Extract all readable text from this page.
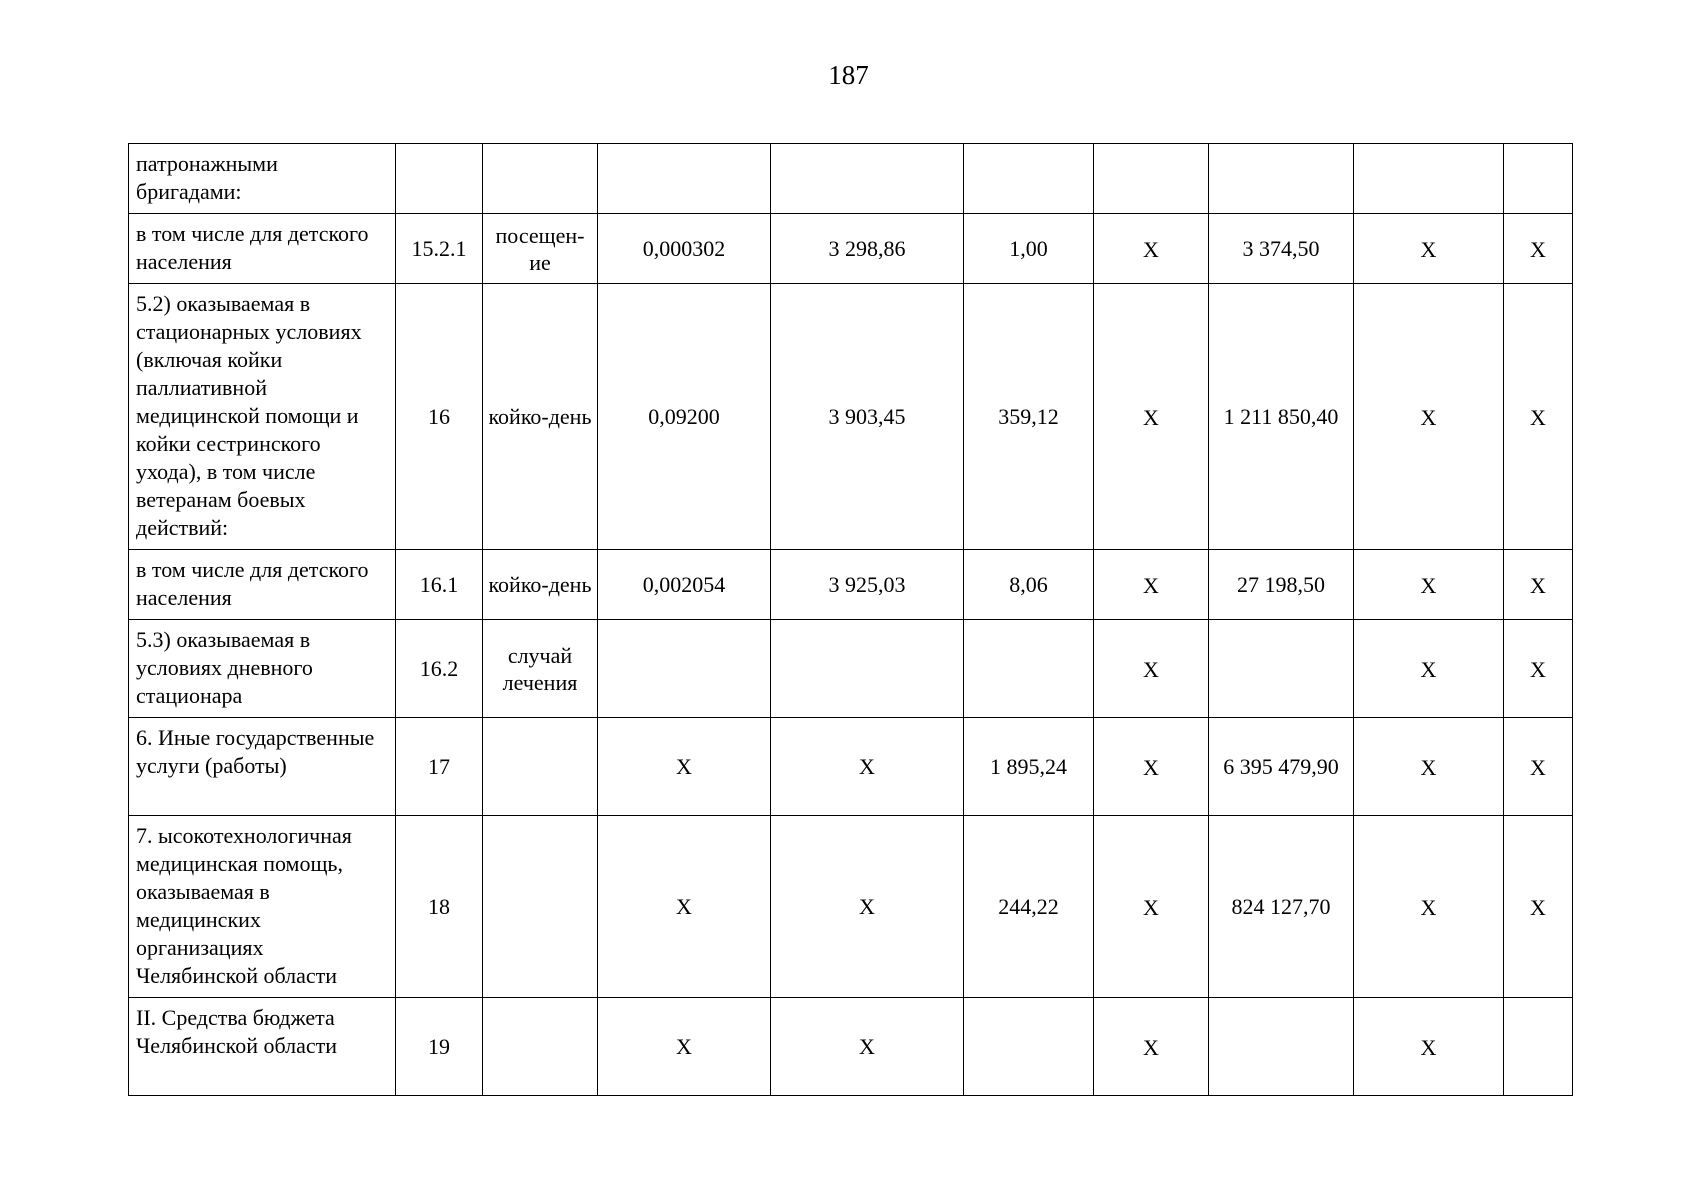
187
патронажными бригадами:									
в том числе для детского населения	15.2.1	посещен-ие	0,000302	3 298,86	1,00	Х	3 374,50	Х	Х
5.2) оказываемая в стационарных условиях (включая койки паллиативной медицинской помощи и койки сестринского ухода), в том числе ветеранам боевых действий:	16	койко-день	0,09200	3 903,45	359,12	Х	1 211 850,40	Х	Х
в том числе для детского населения	16.1	койко-день	0,002054	3 925,03	8,06	Х	27 198,50	Х	Х
5.3) оказываемая в условиях дневного стационара	16.2	случай лечения				Х		Х	Х
6. Иные государственные услуги (работы)	17		Х	Х	1 895,24	Х	6 395 479,90	Х	Х
7. ысокотехнологичная медицинская помощь, оказываемая в медицинских организациях Челябинской области	18		Х	Х	244,22	Х	824 127,70	Х	Х
II. Средства бюджета Челябинской области	19		Х	Х		Х		Х	
